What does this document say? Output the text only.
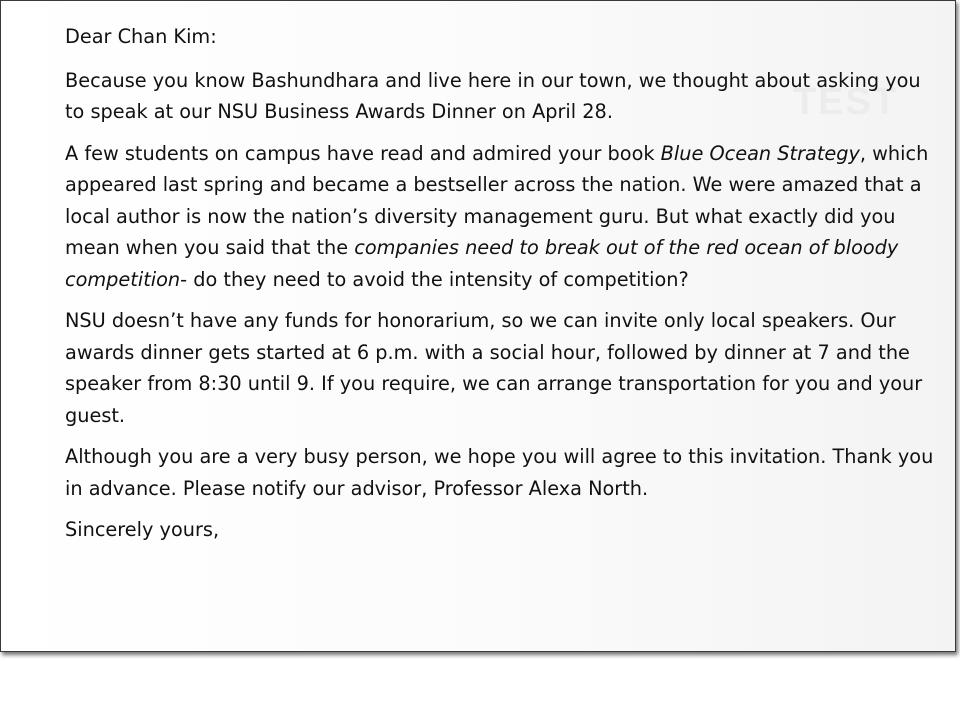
TEST

Dear Chan Kim:

Because you know Bashundhara and live here in our town, we thought about asking you to speak at our NSU Business Awards Dinner on April 28.

A few students on campus have read and admired your book Blue Ocean Strategy, which appeared last spring and became a bestseller across the nation. We were amazed that a local author is now the nation’s diversity management guru. But what exactly did you mean when you said that the companies need to break out of the red ocean of bloody competition- do they need to avoid the intensity of competition?

NSU doesn’t have any funds for honorarium, so we can invite only local speakers. Our awards dinner gets started at 6 p.m. with a social hour, followed by dinner at 7 and the speaker from 8:30 until 9. If you require, we can arrange transportation for you and your guest.

Although you are a very busy person, we hope you will agree to this invitation. Thank you in advance. Please notify our advisor, Professor Alexa North.

Sincerely yours,
